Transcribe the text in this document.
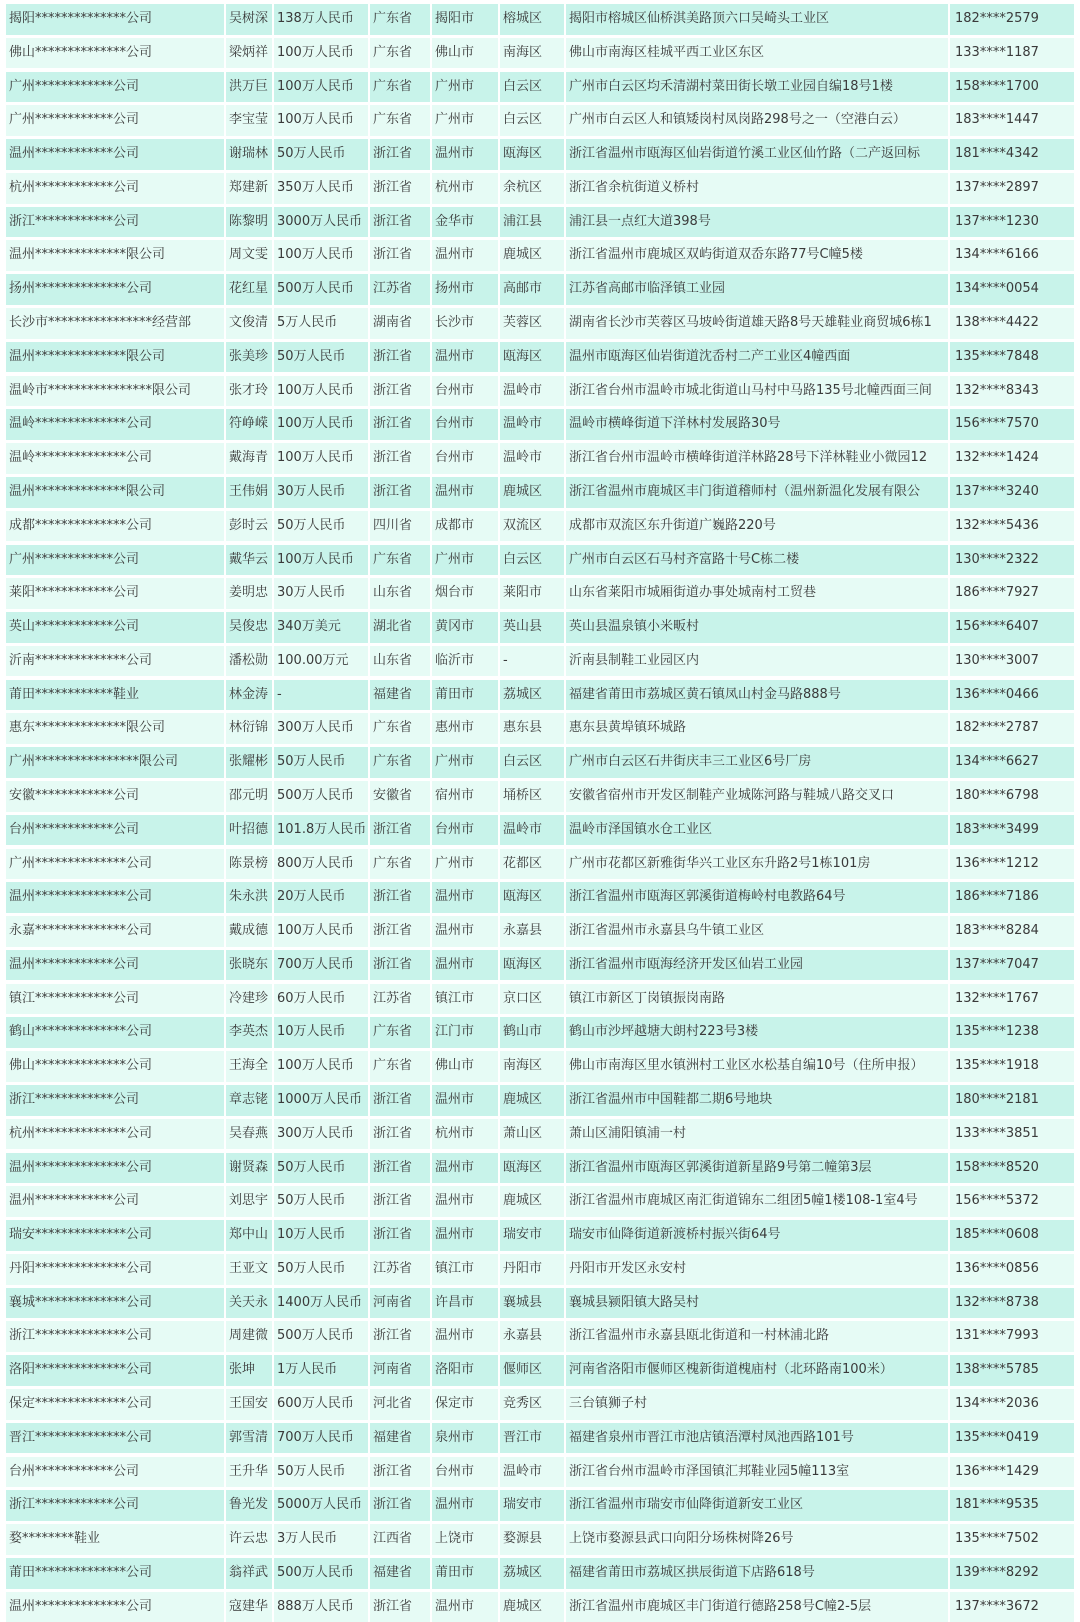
揭阳**************公司	吴树深 138万人民币	广东省	揭阳市	榕城区	揭阳市榕城区仙桥淇美路顶六口吴崎头工业区	182****2579
佛山**************公司	梁炳祥 100万人民币	广东省	佛山市	南海区	佛山市南海区桂城平西工业区东区	133****1187
广州************公司	洪万巨 100万人民币	广东省	广州市	白云区	广州市白云区均禾清湖村菜田街长墩工业园自编18号1楼	158****1700
广州************公司	李宝莹 100万人民币	广东省	广州市	白云区	广州市白云区人和镇矮岗村凤岗路298号之一（空港白云）	183****1447
温州************公司	谢瑞林 50万人民币	浙江省	温州市	瓯海区	浙江省温州市瓯海区仙岩街道竹溪工业区仙竹路（二产返回标	181****4342
杭州************公司	郑建新 350万人民币	浙江省	杭州市	余杭区	浙江省余杭街道义桥村	137****2897
浙江************公司	陈黎明 3000万人民币 浙江省	金华市	浦江县	浦江县一点红大道398号	137****1230
温州**************限公司	周文雯 100万人民币	浙江省	温州市	鹿城区	浙江省温州市鹿城区双屿街道双岙东路77号C幢5楼	134****6166
扬州**************公司	花红星 500万人民币	江苏省	扬州市	高邮市	江苏省高邮市临泽镇工业园	134****0054
长沙市****************经营部	文俊清 5万人民币	湖南省	长沙市	芙蓉区	湖南省长沙市芙蓉区马坡岭街道雄天路8号天雄鞋业商贸城6栋1	138****4422
温州**************限公司	张美珍 50万人民币	浙江省	温州市	瓯海区	温州市瓯海区仙岩街道沈岙村二产工业区4幢西面	135****7848
温岭市****************限公司	张才玲 100万人民币	浙江省	台州市	温岭市	浙江省台州市温岭市城北街道山马村中马路135号北幢西面三间	132****8343
温岭**************公司	符峥嵘 100万人民币	浙江省	台州市	温岭市	温岭市横峰街道下洋林村发展路30号	156****7570
温岭**************公司	戴海青 100万人民币	浙江省	台州市	温岭市	浙江省台州市温岭市横峰街道洋林路28号下洋林鞋业小微园12	132****1424
温州**************限公司	王伟娟 30万人民币	浙江省	温州市	鹿城区	浙江省温州市鹿城区丰门街道稽师村（温州新温化发展有限公	137****3240
成都**************公司	彭时云 50万人民币	四川省	成都市	双流区	成都市双流区东升街道广巍路220号	132****5436
广州************公司	戴华云 100万人民币	广东省	广州市	白云区	广州市白云区石马村齐富路十号C栋二楼	130****2322
莱阳************公司	姜明忠 30万人民币	山东省	烟台市	莱阳市	山东省莱阳市城厢街道办事处城南村工贸巷	186****7927
英山************公司	吴俊忠 340万美元	湖北省	黄冈市	英山县	英山县温泉镇小米畈村	156****6407
沂南**************公司	潘松勋 100.00万元	山东省	临沂市	-	沂南县制鞋工业园区内	130****3007
莆田************鞋业	林金涛 -	福建省	莆田市	荔城区	福建省莆田市荔城区黄石镇凤山村金马路888号	136****0466
惠东**************限公司	林衍锦 300万人民币	广东省	惠州市	惠东县	惠东县黄埠镇环城路	182****2787
广州****************限公司	张耀彬 50万人民币	广东省	广州市	白云区	广州市白云区石井街庆丰三工业区6号厂房	134****6627
安徽************公司	邵元明 500万人民币	安徽省	宿州市	埇桥区	安徽省宿州市开发区制鞋产业城陈河路与鞋城八路交叉口	180****6798
台州************公司	叶招德 101.8万人民币 浙江省	台州市	温岭市	温岭市泽国镇水仓工业区	183****3499
广州**************公司	陈景榜 800万人民币	广东省	广州市	花都区	广州市花都区新雅街华兴工业区东升路2号1栋101房	136****1212
温州**************公司	朱永洪 20万人民币	浙江省	温州市	瓯海区	浙江省温州市瓯海区郭溪街道梅岭村电教路64号	186****7186
永嘉**************公司	戴成德 100万人民币	浙江省	温州市	永嘉县	浙江省温州市永嘉县乌牛镇工业区	183****8284
温州************公司	张晓东 700万人民币	浙江省	温州市	瓯海区	浙江省温州市瓯海经济开发区仙岩工业园	137****7047
镇江************公司	冷建珍 60万人民币	江苏省	镇江市	京口区	镇江市新区丁岗镇振岗南路	132****1767
鹤山**************公司	李英杰 10万人民币	广东省	江门市	鹤山市	鹤山市沙坪越塘大朗村223号3楼	135****1238
佛山**************公司	王海全 100万人民币	广东省	佛山市	南海区	佛山市南海区里水镇洲村工业区水松基自编10号（住所申报）	135****1918
浙江************公司	章志铑 1000万人民币 浙江省	温州市	鹿城区	浙江省温州市中国鞋都二期6号地块	180****2181
杭州**************公司	吴春燕 300万人民币	浙江省	杭州市	萧山区	萧山区浦阳镇浦一村	133****3851
温州**************公司	谢贤森 50万人民币	浙江省	温州市	瓯海区	浙江省温州市瓯海区郭溪街道新星路9号第二幢第3层	158****8520
温州************公司	刘思宇 50万人民币	浙江省	温州市	鹿城区	浙江省温州市鹿城区南汇街道锦东二组团5幢1楼108-1室4号	156****5372
瑞安**************公司	郑中山 10万人民币	浙江省	温州市	瑞安市	瑞安市仙降街道新渡桥村振兴街64号	185****0608
丹阳**************公司	王亚文 50万人民币	江苏省	镇江市	丹阳市	丹阳市开发区永安村	136****0856
襄城**************公司	关天永 1400万人民币 河南省	许昌市	襄城县	襄城县颍阳镇大路吴村	132****8738
浙江**************公司	周建微 500万人民币	浙江省	温州市	永嘉县	浙江省温州市永嘉县瓯北街道和一村林浦北路	131****7993
洛阳**************公司	张坤	1万人民币	河南省	洛阳市	偃师区	河南省洛阳市偃师区槐新街道槐庙村（北环路南100米）	138****5785
保定**************公司	王国安 600万人民币	河北省	保定市	竞秀区	三台镇狮子村	134****2036
晋江**************公司	郭雪清 700万人民币	福建省	泉州市	晋江市	福建省泉州市晋江市池店镇浯潭村凤池西路101号	135****0419
台州************公司	王升华 50万人民币	浙江省	台州市	温岭市	浙江省台州市温岭市泽国镇汇邦鞋业园5幢113室	136****1429
浙江************公司	鲁光发 5000万人民币 浙江省	温州市	瑞安市	浙江省温州市瑞安市仙降街道新安工业区	181****9535
婺********鞋业	许云忠 3万人民币	江西省	上饶市	婺源县	上饶市婺源县武口向阳分场株树降26号	135****7502
莆田**************公司	翁祥武 500万人民币	福建省	莆田市	荔城区	福建省莆田市荔城区拱辰街道下店路618号	139****8292
温州**************公司	寇建华 888万人民币	浙江省	温州市	鹿城区	浙江省温州市鹿城区丰门街道行德路258号C幢2-5层	137****3672
